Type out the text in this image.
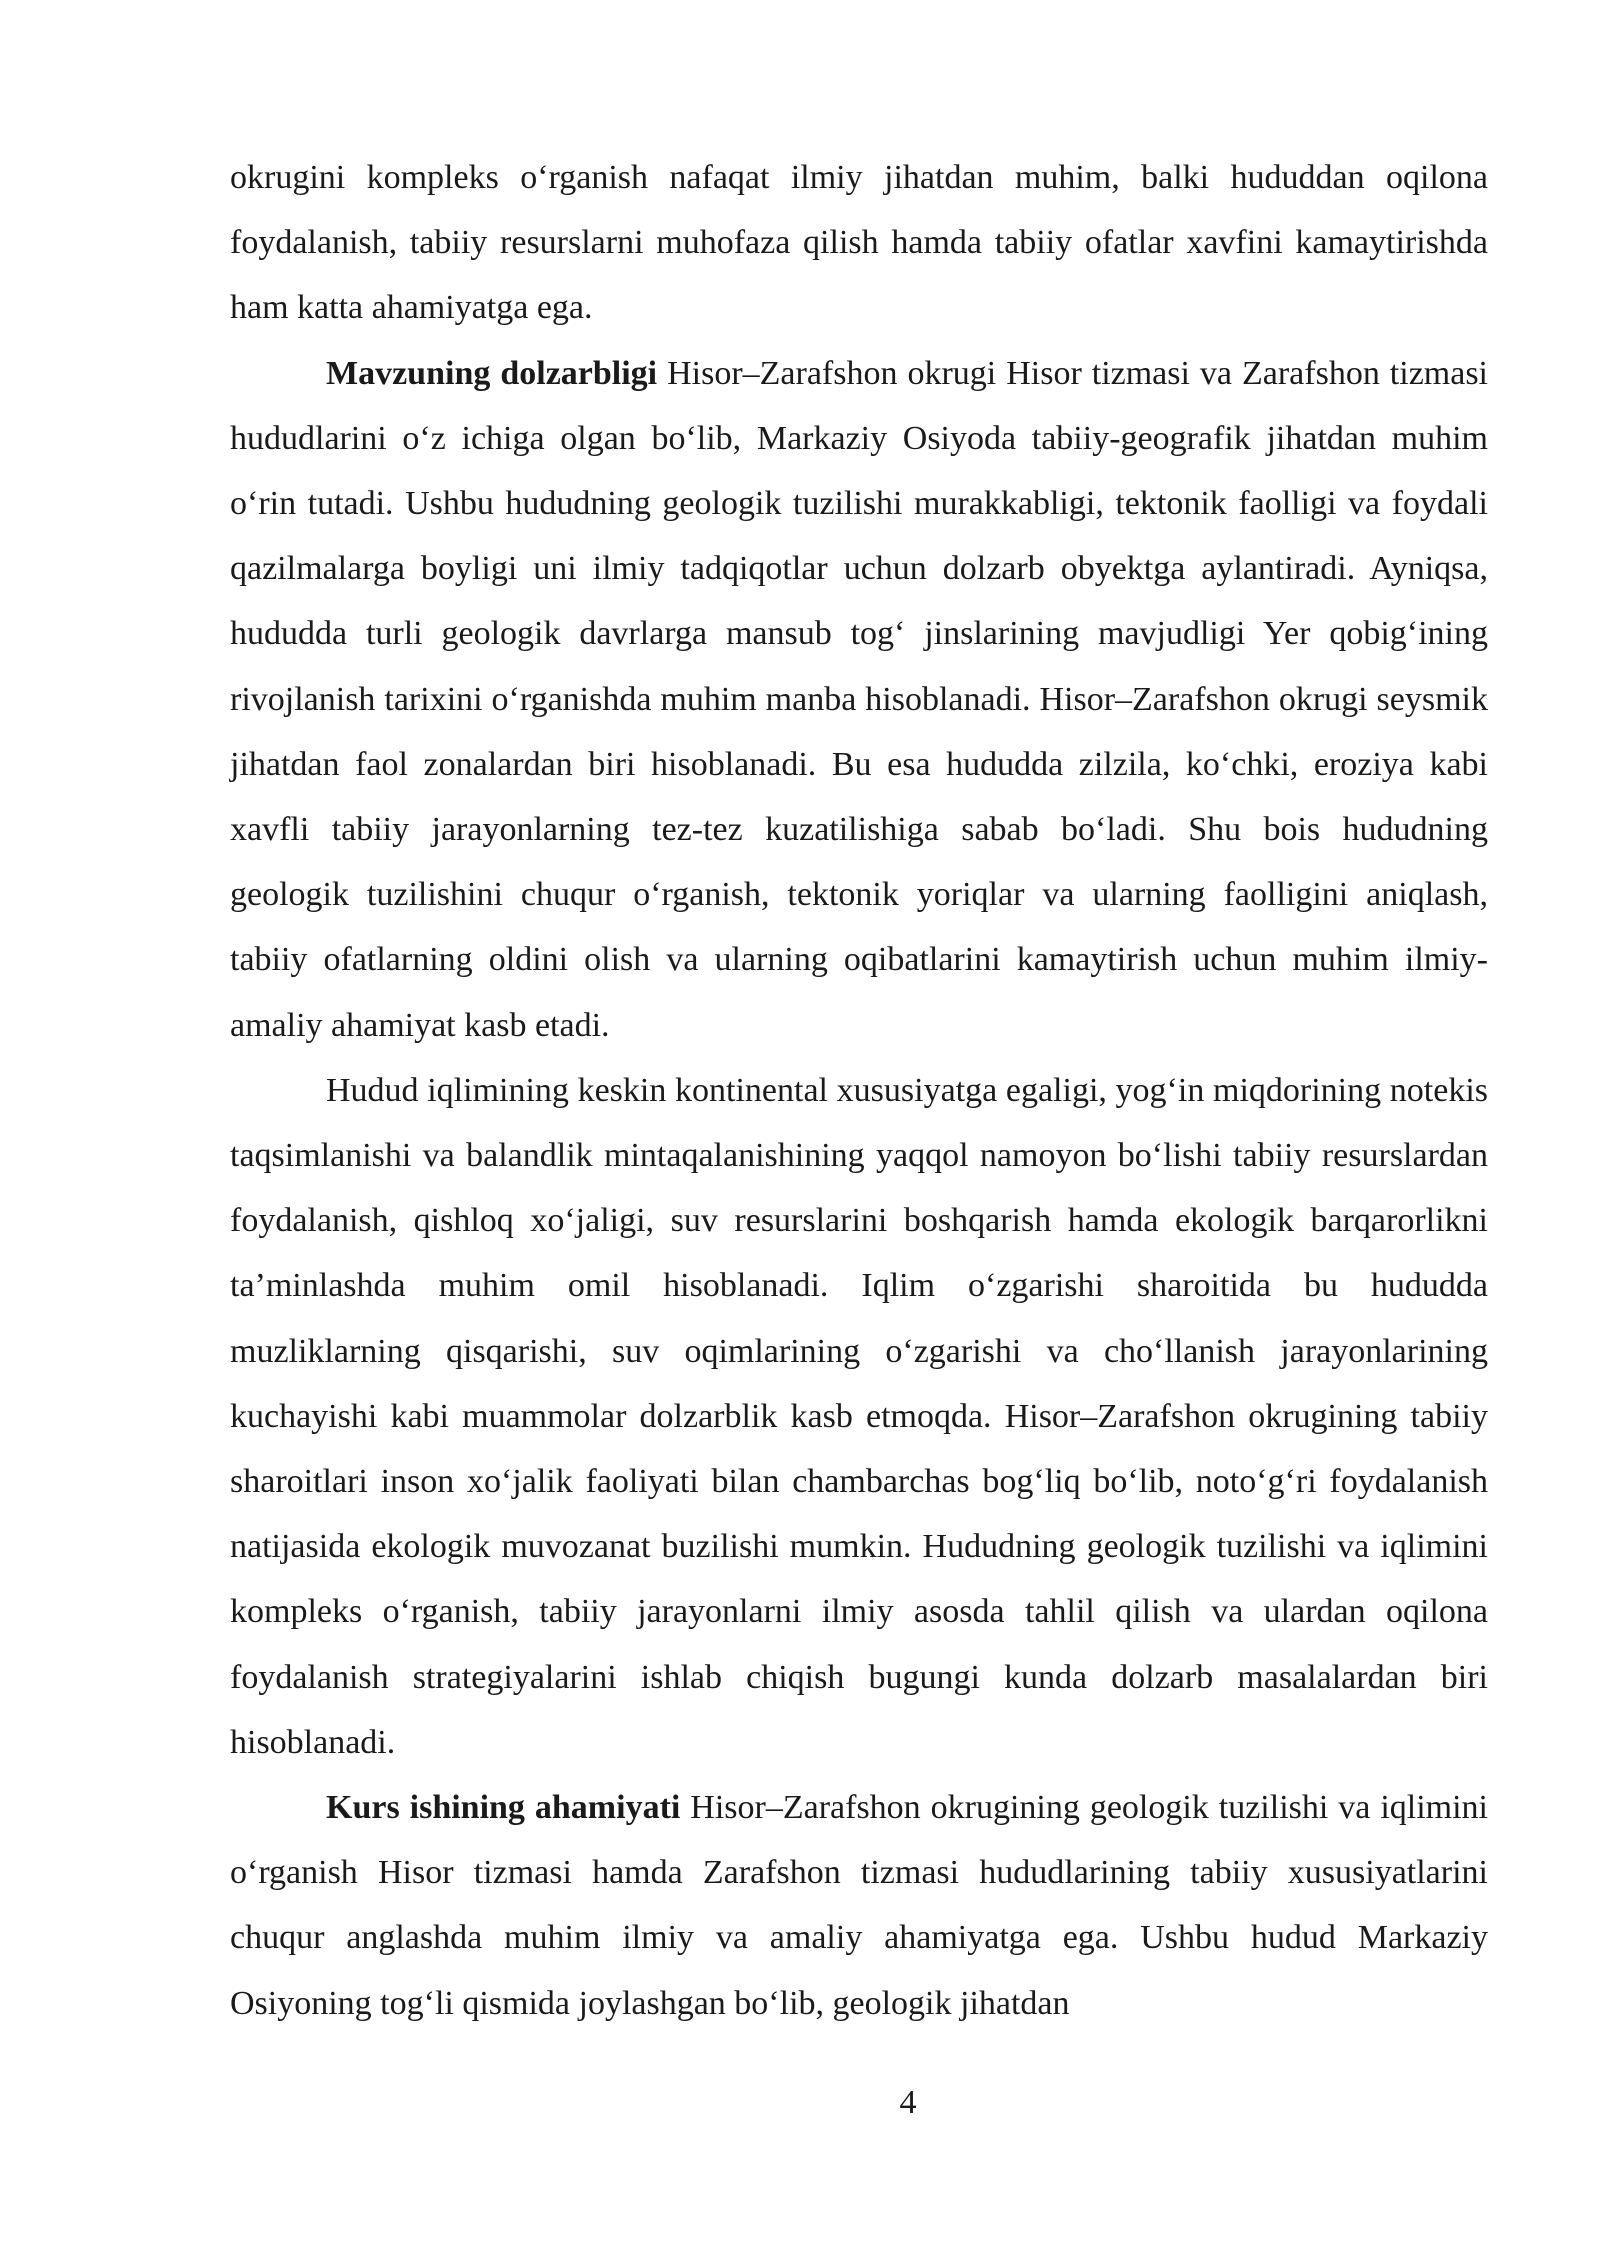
okrugini kompleks o‘rganish nafaqat ilmiy jihatdan muhim, balki hududdan oqilona foydalanish, tabiiy resurslarni muhofaza qilish hamda tabiiy ofatlar xavfini kamaytirishda ham katta ahamiyatga ega.

Mavzuning dolzarbligi Hisor–Zarafshon okrugi Hisor tizmasi va Zarafshon tizmasi hududlarini o‘z ichiga olgan bo‘lib, Markaziy Osiyoda tabiiy-geografik jihatdan muhim o‘rin tutadi. Ushbu hududning geologik tuzilishi murakkabligi, tektonik faolligi va foydali qazilmalarga boyligi uni ilmiy tadqiqotlar uchun dolzarb obyektga aylantiradi. Ayniqsa, hududda turli geologik davrlarga mansub tog‘ jinslarining mavjudligi Yer qobig‘ining rivojlanish tarixini o‘rganishda muhim manba hisoblanadi. Hisor–Zarafshon okrugi seysmik jihatdan faol zonalardan biri hisoblanadi. Bu esa hududda zilzila, ko‘chki, eroziya kabi xavfli tabiiy jarayonlarning tez-tez kuzatilishiga sabab bo‘ladi. Shu bois hududning geologik tuzilishini chuqur o‘rganish, tektonik yoriqlar va ularning faolligini aniqlash, tabiiy ofatlarning oldini olish va ularning oqibatlarini kamaytirish uchun muhim ilmiy-amaliy ahamiyat kasb etadi.

Hudud iqlimining keskin kontinental xususiyatga egaligi, yog‘in miqdorining notekis taqsimlanishi va balandlik mintaqalanishining yaqqol namoyon bo‘lishi tabiiy resurslardan foydalanish, qishloq xo‘jaligi, suv resurslarini boshqarish hamda ekologik barqarorlikni ta’minlashda muhim omil hisoblanadi. Iqlim o‘zgarishi sharoitida bu hududda muzliklarning qisqarishi, suv oqimlarining o‘zgarishi va cho‘llanish jarayonlarining kuchayishi kabi muammolar dolzarblik kasb etmoqda. Hisor–Zarafshon okrugining tabiiy sharoitlari inson xo‘jalik faoliyati bilan chambarchas bog‘liq bo‘lib, noto‘g‘ri foydalanish natijasida ekologik muvozanat buzilishi mumkin. Hududning geologik tuzilishi va iqlimini kompleks o‘rganish, tabiiy jarayonlarni ilmiy asosda tahlil qilish va ulardan oqilona foydalanish strategiyalarini ishlab chiqish bugungi kunda dolzarb masalalardan biri hisoblanadi.

Kurs ishining ahamiyati Hisor–Zarafshon okrugining geologik tuzilishi va iqlimini o‘rganish Hisor tizmasi hamda Zarafshon tizmasi hududlarining tabiiy xususiyatlarini chuqur anglashda muhim ilmiy va amaliy ahamiyatga ega. Ushbu hudud Markaziy Osiyoning tog‘li qismida joylashgan bo‘lib, geologik jihatdan

4
